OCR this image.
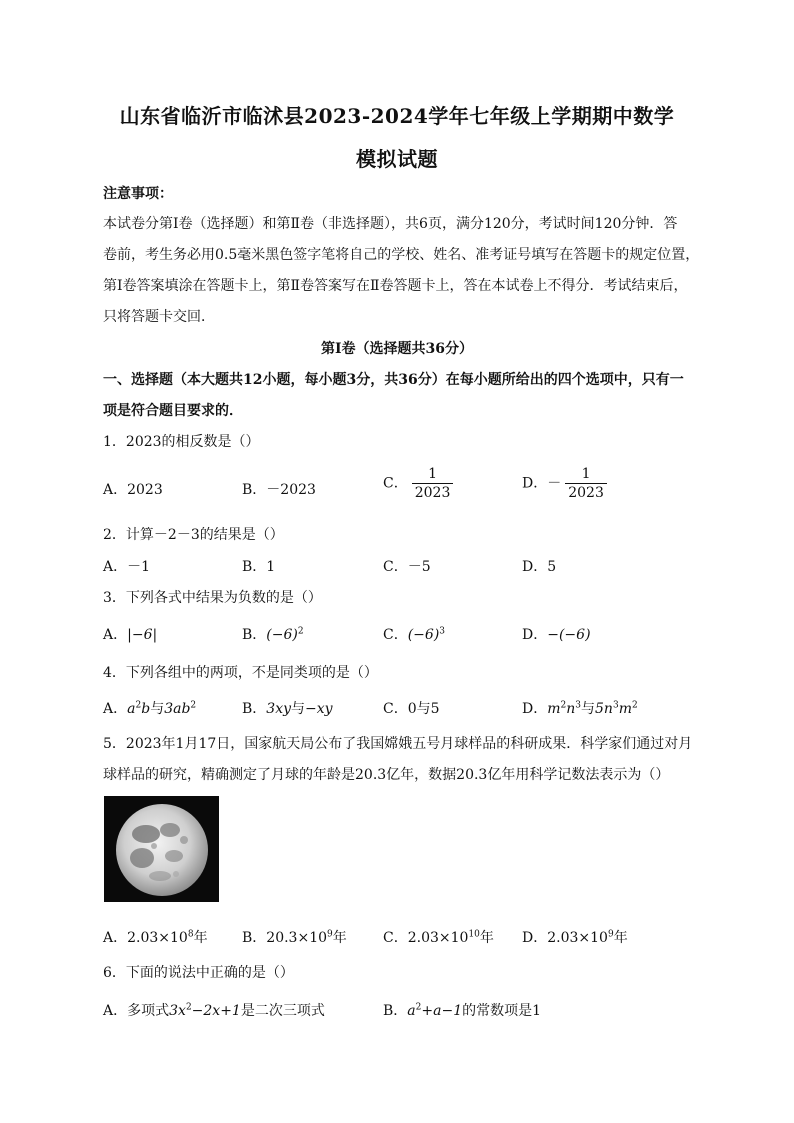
山东省临沂市临沭县2023-2024学年七年级上学期期中数学
模拟试题
注意事项：
本试卷分第Ⅰ卷（选择题）和第Ⅱ卷（非选择题），共6页，满分120分，考试时间120分钟．答
卷前，考生务必用0.5毫米黑色签字笔将自己的学校、姓名、准考证号填写在答题卡的规定位置，
第Ⅰ卷答案填涂在答题卡上，第Ⅱ卷答案写在Ⅱ卷答题卡上，答在本试卷上不得分．考试结束后，
只将答题卡交回．
第Ⅰ卷（选择题共36分）
一、选择题（本大题共12小题，每小题3分，共36分）在每小题所给出的四个选项中，只有一
项是符合题目要求的．
1．2023的相反数是（）
A．2023	B．－2023	C． $\frac{1}{2023}$	D．－ $\frac{1}{2023}$
2．计算－2－3的结果是（）
A．－1	B．1	C．－5	D．5
3．下列各式中结果为负数的是（）
A．|−6|	B．$(-6)^2$	C．$(-6)^3$	D．−(−6)
4．下列各组中的两项，不是同类项的是（）
A．$a^2b$与$3ab^2$	B．3xy与−xy	C．0与5	D．$m^2n^3$与$5n^3m^2$
5．2023年1月17日，国家航天局公布了我国嫦娥五号月球样品的科研成果．科学家们通过对月
球样品的研究，精确测定了月球的年龄是20.3亿年，数据20.3亿年用科学记数法表示为（）
A．$2.03\times 10^8$年 B．$20.3\times 10^9$年	C．$2.03\times 10^{10}$年 D．$2.03\times 10^9$年
6．下面的说法中正确的是（）
A．多项式$3x^2-2x+1$是二次三项式	B．$a^2+a-1$的常数项是1
